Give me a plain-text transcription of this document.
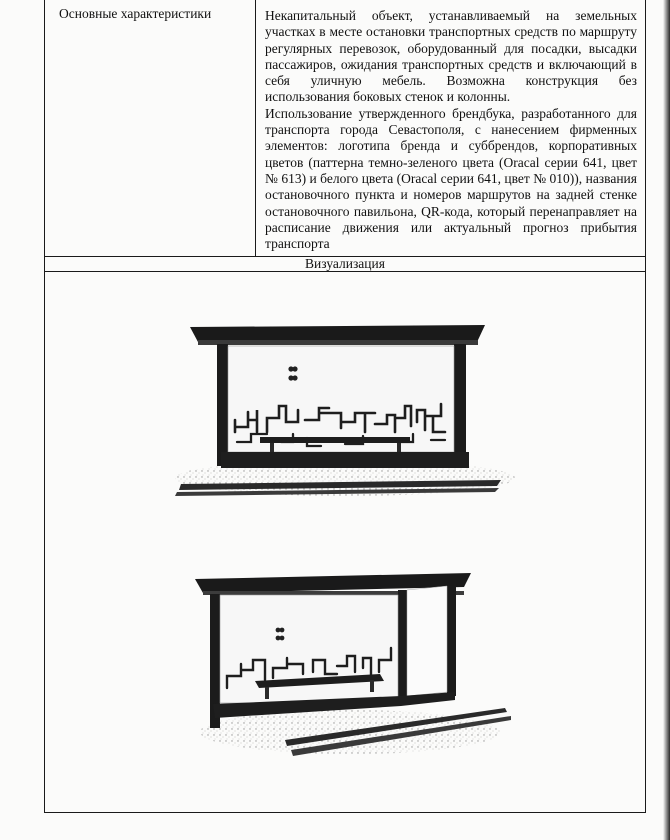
Основные характеристики	Некапитальный объект, устанавливаемый на земельных участках в месте остановки транспортных средств по маршруту регулярных перевозок, оборудованный для посадки, высадки пассажиров, ожидания транспортных средств и включающий в себя уличную мебель. Возможна конструкция без использования боковых стенок и колонны.

Использование утвержденного брендбука, разработанного для транспорта города Севастополя, с нанесением фирменных элементов: логотипа бренда и суббрендов, корпоративных цветов (паттерна темно-зеленого цвета (Oracal серии 641, цвет № 613) и белого цвета (Oracal серии 641, цвет № 010)), названия остановочного пункта и номеров маршрутов на задней стенке остановочного павильона, QR-кода, который перенаправляет на расписание движения или актуальный прогноз прибытия транспорта

Визуализация
